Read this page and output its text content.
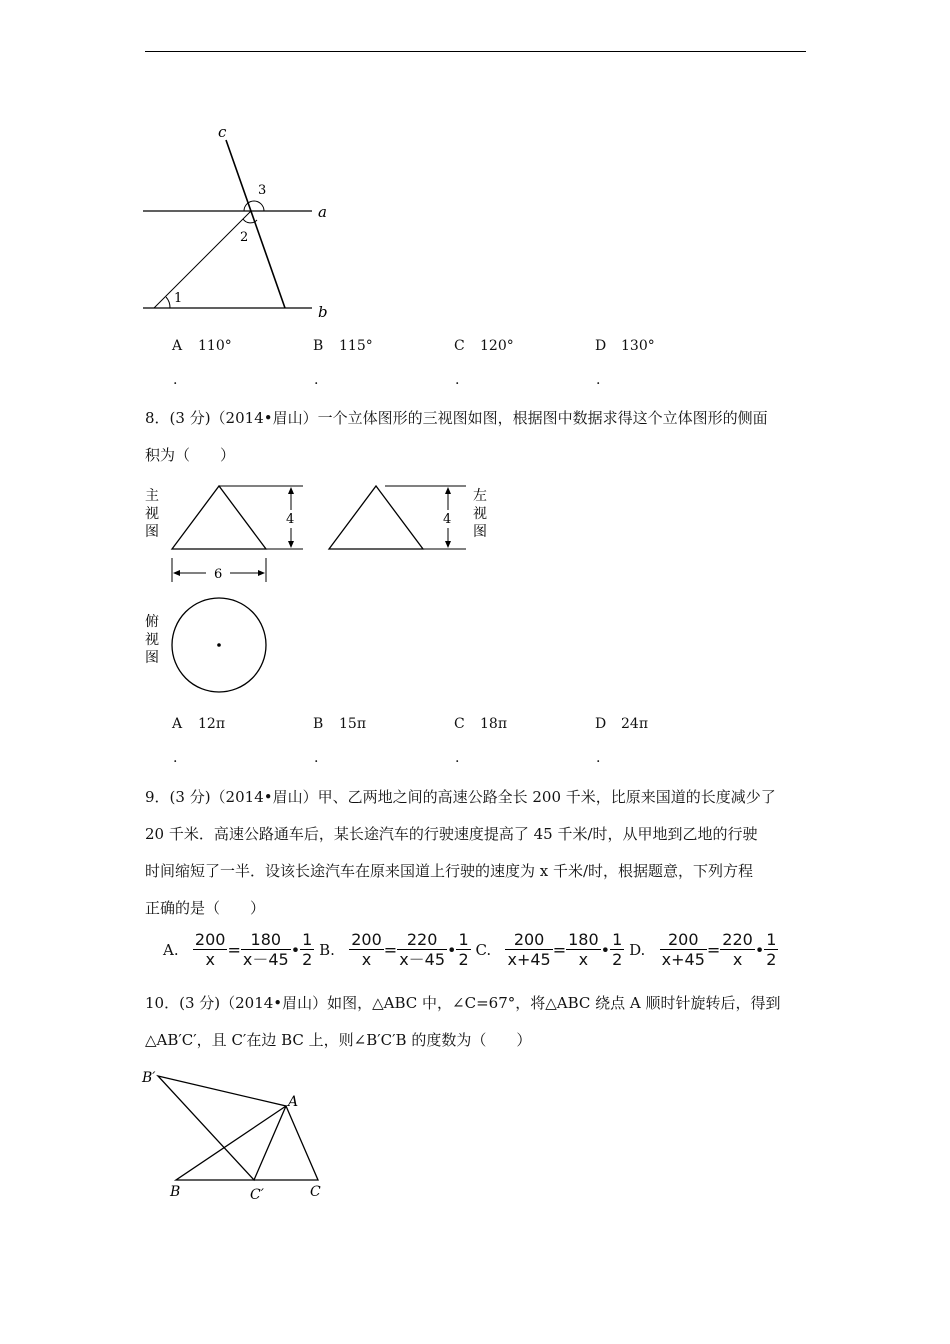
c
a
b
3
2
1
A 110°	B 115°	C 120°	D 130°
.	.	.	.
8．(3 分)（2014•眉山）一个立体图形的三视图如图，根据图中数据求得这个立体图形的侧面
积为（　　）
主
视
图
4	4
左
视
图
6
俯
视
图
A 12π	B 15π	C 18π	D 24π
.	.	.	.
9．(3 分)（2014•眉山）甲、乙两地之间的高速公路全长 200 千米，比原来国道的长度减少了
20 千米．高速公路通车后，某长途汽车的行驶速度提高了 45 千米/时，从甲地到乙地的行驶
时间缩短了一半．设该长途汽车在原来国道上行驶的速度为 x 千米/时，根据题意，下列方程
正确的是（　　）
A. $\frac{200}{x} = \frac{180}{x-45}$ • $\frac{1}{2} B$. $\frac{200}{x} = \frac{220}{x-45}$ • $\frac{1}{2} C$. $\frac{200}{x+45} = \frac{180}{x}$ • $\frac{1}{2} D$. $\frac{200}{x+45} = \frac{220}{x}$ • $\frac{1}{2}$
10．(3 分)（2014•眉山）如图，△ABC 中，∠C=67°，将△ABC 绕点 A 顺时针旋转后，得到
△AB′C′，且 C′在边 BC 上，则∠B′C′B 的度数为（　　）
B′
A
B	C′	C
